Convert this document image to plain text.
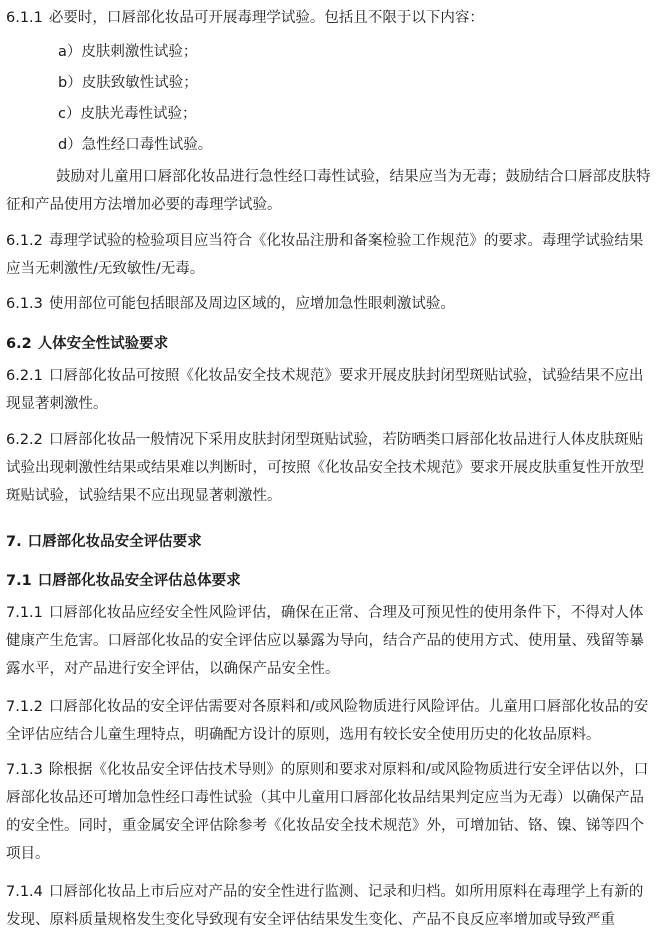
6.1.1 必要时，口唇部化妆品可开展毒理学试验。包括且不限于以下内容：
a）皮肤刺激性试验；
b）皮肤致敏性试验；
c）皮肤光毒性试验；
d）急性经口毒性试验。
鼓励对儿童用口唇部化妆品进行急性经口毒性试验，结果应当为无毒；鼓励结合口唇部皮肤特征和产品使用方法增加必要的毒理学试验。
6.1.2 毒理学试验的检验项目应当符合《化妆品注册和备案检验工作规范》的要求。毒理学试验结果应当无刺激性/无致敏性/无毒。
6.1.3 使用部位可能包括眼部及周边区域的，应增加急性眼刺激试验。
6.2 人体安全性试验要求
6.2.1 口唇部化妆品可按照《化妆品安全技术规范》要求开展皮肤封闭型斑贴试验，试验结果不应出现显著刺激性。
6.2.2 口唇部化妆品一般情况下采用皮肤封闭型斑贴试验，若防晒类口唇部化妆品进行人体皮肤斑贴试验出现刺激性结果或结果难以判断时，可按照《化妆品安全技术规范》要求开展皮肤重复性开放型斑贴试验，试验结果不应出现显著刺激性。
7. 口唇部化妆品安全评估要求
7.1 口唇部化妆品安全评估总体要求
7.1.1 口唇部化妆品应经安全性风险评估，确保在正常、合理及可预见性的使用条件下，不得对人体健康产生危害。口唇部化妆品的安全评估应以暴露为导向，结合产品的使用方式、使用量、残留等暴露水平，对产品进行安全评估，以确保产品安全性。
7.1.2 口唇部化妆品的安全评估需要对各原料和/或风险物质进行风险评估。儿童用口唇部化妆品的安全评估应结合儿童生理特点，明确配方设计的原则，选用有较长安全使用历史的化妆品原料。
7.1.3 除根据《化妆品安全评估技术导则》的原则和要求对原料和/或风险物质进行安全评估以外，口唇部化妆品还可增加急性经口毒性试验（其中儿童用口唇部化妆品结果判定应当为无毒）以确保产品的安全性。同时，重金属安全评估除参考《化妆品安全技术规范》外，可增加钴、铬、镍、锑等四个项目。
7.1.4 口唇部化妆品上市后应对产品的安全性进行监测、记录和归档。如所用原料在毒理学上有新的发现、原料质量规格发生变化导致现有安全评估结果发生变化、产品不良反应率增加或导致严重
